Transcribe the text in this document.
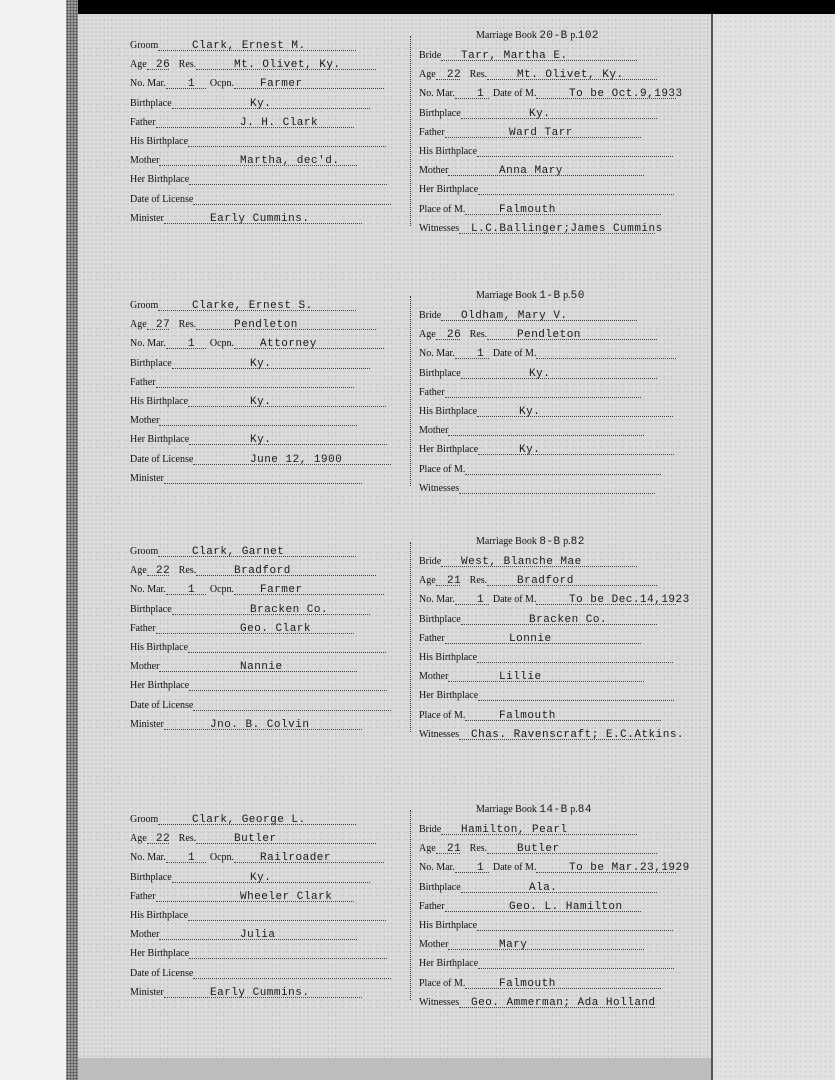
Marriage Book 20-B p.102
Groom	Clark, Ernest M.
Age 26 Res.	Mt. Olivet, Ky.
No. Mar. 1 Ocpn. Farmer
Birthplace	Ky.
Father	J. H. Clark
His Birthplace
Mother	Martha, dec'd.
Her Birthplace
Date of License
Minister	Early Cummins.
Bride Tarr, Martha E.
Age 22 Res.	Mt. Olivet, Ky.
No. Mar. 1 Date of M.	To be Oct.9,1933
Birthplace	Ky.
Father	Ward Tarr
His Birthplace
Mother	Anna Mary
Her Birthplace
Place of M.	Falmouth
Witnesses L.C.Ballinger;James Cummins
Marriage Book 1-B p.50
Groom	Clarke, Ernest S.
Age 27 Res.	Pendleton
No. Mar. 1 Ocpn. Attorney
Birthplace	Ky.
Father
His Birthplace	Ky.
Mother
Her Birthplace	Ky.
Date of License	June 12, 1900
Minister
Bride Oldham, Mary V.
Age 26 Res.	Pendleton
No. Mar. 1 Date of M.
Birthplace	Ky.
Father
His Birthplace	Ky.
Mother
Her Birthplace	Ky.
Place of M.
Witnesses
Marriage Book 8-B p.82
Groom	Clark, Garnet
Age 22 Res.	Bradford
No. Mar. 1 Ocpn. Farmer
Birthplace	Bracken Co.
Father	Geo. Clark
His Birthplace
Mother	Nannie
Her Birthplace
Date of License
Minister	Jno. B. Colvin
Bride West, Blanche Mae
Age 21 Res.	Bradford
No. Mar. 1 Date of M.	To be Dec.14,1923
Birthplace	Bracken Co.
Father	Lonnie
His Birthplace
Mother	Lillie
Her Birthplace
Place of M.	Falmouth
Witnesses Chas. Ravenscraft; E.C.Atkins.
Marriage Book 14-B p.84
Groom	Clark, George L.
Age 22 Res.	Butler
No. Mar. 1 Ocpn. Railroader
Birthplace	Ky.
Father	Wheeler Clark
His Birthplace
Mother	Julia
Her Birthplace
Date of License
Minister	Early Cummins.
Bride Hamilton, Pearl
Age 21 Res.	Butler
No. Mar. 1 Date of M.	To be Mar.23,1929
Birthplace	Ala.
Father	Geo. L. Hamilton
His Birthplace
Mother	Mary
Her Birthplace
Place of M.	Falmouth
Witnesses Geo. Ammerman; Ada Holland
